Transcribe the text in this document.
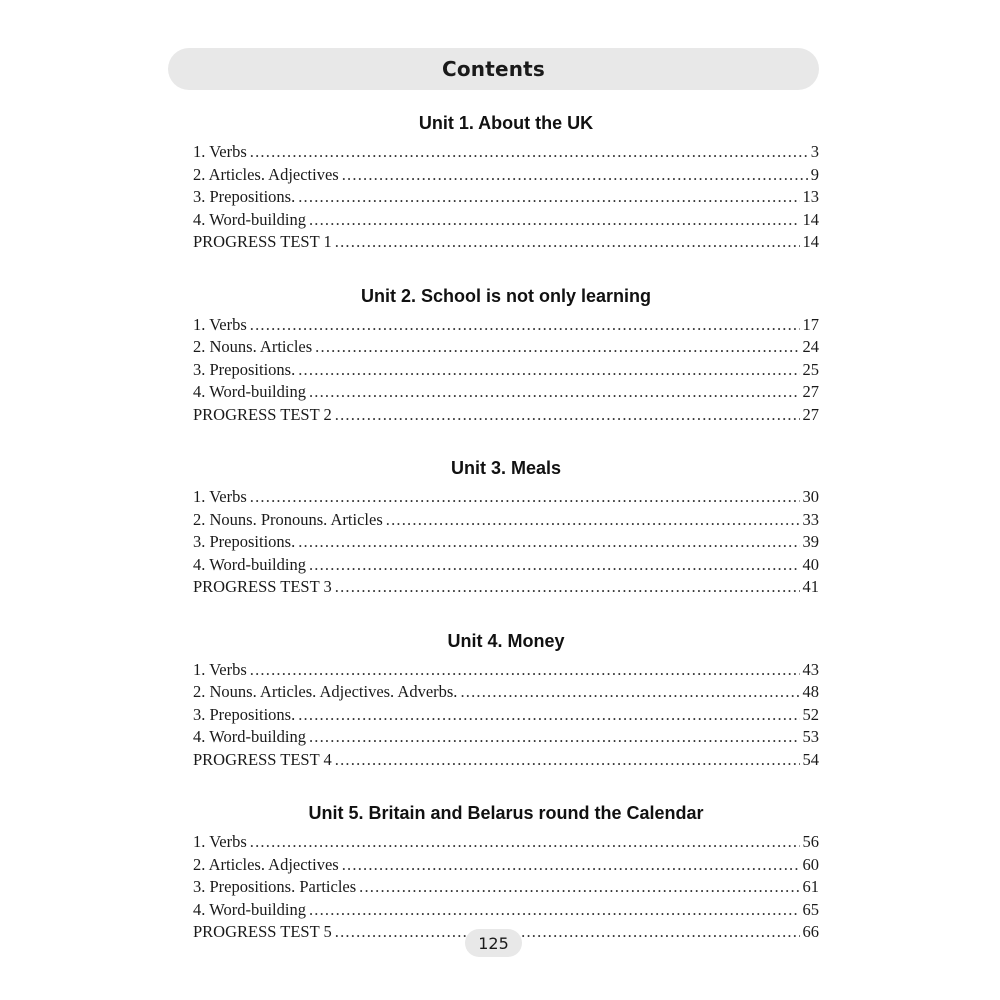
Contents
Unit 1. About the UK
1. Verbs .....	3
2. Articles. Adjectives .....	9
3. Prepositions. .....	13
4. Word-building .....	14
PROGRESS TEST 1 .....	14
Unit 2. School is not only learning
1. Verbs .....	17
2. Nouns. Articles .....	24
3. Prepositions. .....	25
4. Word-building .....	27
PROGRESS TEST 2 .....	27
Unit 3. Meals
1. Verbs .....	30
2. Nouns. Pronouns. Articles .....	33
3. Prepositions. .....	39
4. Word-building .....	40
PROGRESS TEST 3 .....	41
Unit 4. Money
1. Verbs .....	43
2. Nouns. Articles. Adjectives. Adverbs. .....	48
3. Prepositions. .....	52
4. Word-building .....	53
PROGRESS TEST 4 .....	54
Unit 5. Britain and Belarus round the Calendar
1. Verbs .....	56
2. Articles. Adjectives .....	60
3. Prepositions. Particles .....	61
4. Word-building .....	65
PROGRESS TEST 5 .....	66
125
